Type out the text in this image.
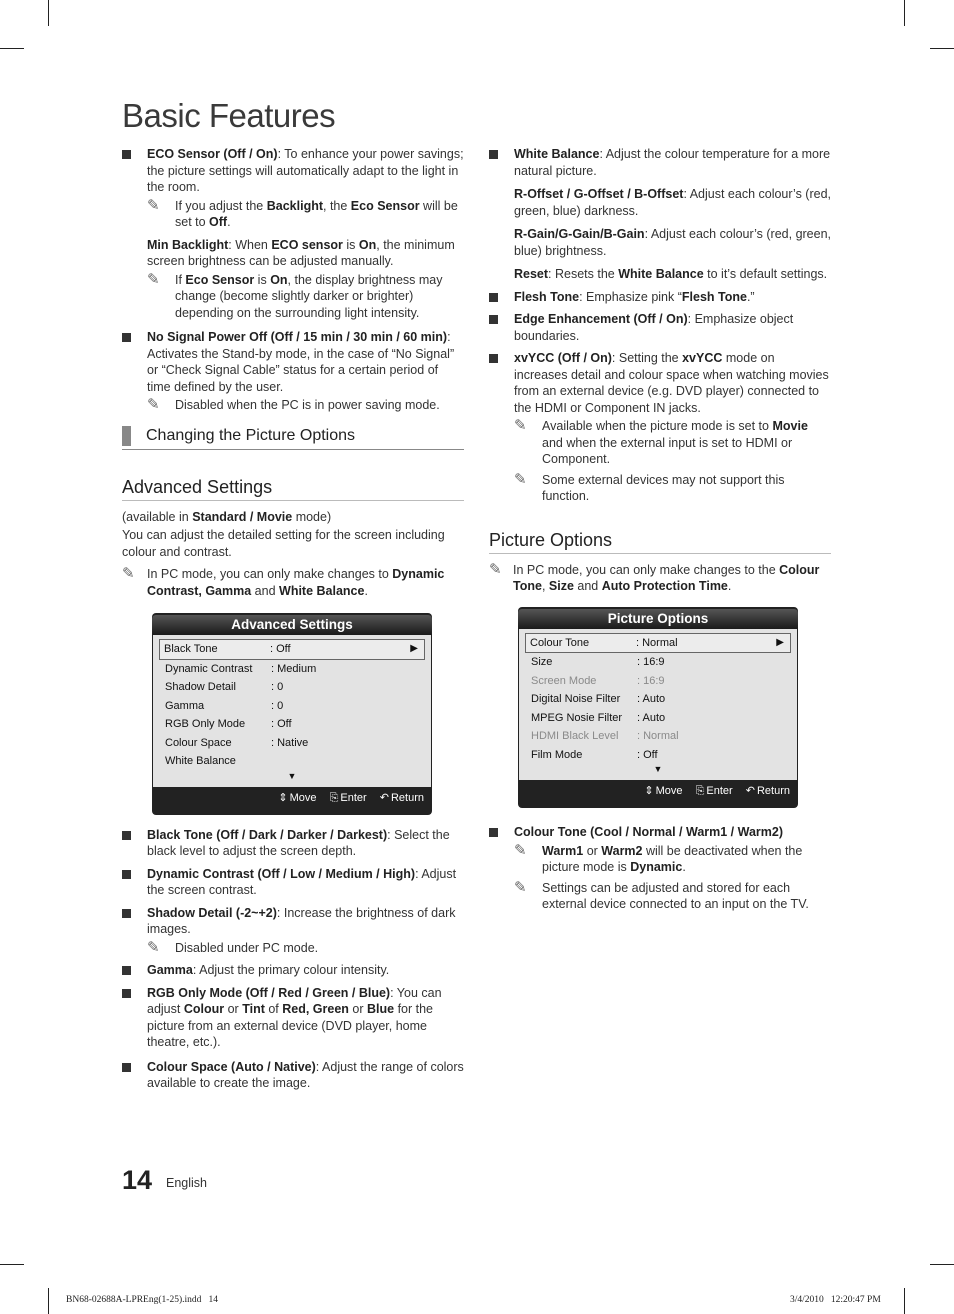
Basic Features
ECO Sensor (Off / On): To enhance your power savings; the picture settings will automatically adapt to the light in the room.
✎ If you adjust the Backlight, the Eco Sensor will be set to Off.
Min Backlight: When ECO sensor is On, the minimum screen brightness can be adjusted manually.
✎ If Eco Sensor is On, the display brightness may change (become slightly darker or brighter) depending on the surrounding light intensity.
No Signal Power Off (Off / 15 min / 30 min / 60 min): Activates the Stand-by mode, in the case of “No Signal” or “Check Signal Cable” status for a certain period of time defined by the user.
✎ Disabled when the PC is in power saving mode.
Changing the Picture Options
Advanced Settings
(available in Standard / Movie mode)
You can adjust the detailed setting for the screen including colour and contrast.
✎ In PC mode, you can only make changes to Dynamic Contrast, Gamma and White Balance.
Advanced Settings
Black Tone	: Off	▶
Dynamic Contrast : Medium
Shadow Detail	: 0
Gamma	: 0
RGB Only Mode : Off
Colour Space	: Native
White Balance
▼
⇕ Move ⎘ Enter ↶ Return
Black Tone (Off / Dark / Darker / Darkest): Select the black level to adjust the screen depth.
Dynamic Contrast (Off / Low / Medium / High): Adjust the screen contrast.
Shadow Detail (-2~+2): Increase the brightness of dark images.
✎ Disabled under PC mode.
Gamma: Adjust the primary colour intensity.
RGB Only Mode (Off / Red / Green / Blue): You can adjust Colour or Tint of Red, Green or Blue for the picture from an external device (DVD player, home theatre, etc.).
Colour Space (Auto / Native): Adjust the range of colors available to create the image.
White Balance: Adjust the colour temperature for a more natural picture.
R-Offset / G-Offset / B-Offset: Adjust each colour’s (red, green, blue) darkness.
R-Gain/G-Gain/B-Gain: Adjust each colour’s (red, green, blue) brightness.
Reset: Resets the White Balance to it’s default settings.
Flesh Tone: Emphasize pink “Flesh Tone.”
Edge Enhancement (Off / On): Emphasize object boundaries.
xvYCC (Off / On): Setting the xvYCC mode on increases detail and colour space when watching movies from an external device (e.g. DVD player) connected to the HDMI or Component IN jacks.
✎ Available when the picture mode is set to Movie and when the external input is set to HDMI or Component.
✎ Some external devices may not support this function.
Picture Options
✎ In PC mode, you can only make changes to the Colour Tone, Size and Auto Protection Time.
Picture Options
Colour Tone	: Normal	▶
Size	: 16:9
Screen Mode	: 16:9
Digital Noise Filter : Auto
MPEG Nosie Filter : Auto
HDMI Black Level : Normal
Film Mode	: Off
▼
⇕ Move ⎘ Enter ↶ Return
Colour Tone (Cool / Normal / Warm1 / Warm2)
✎ Warm1 or Warm2 will be deactivated when the picture mode is Dynamic.
✎ Settings can be adjusted and stored for each external device connected to an input on the TV.
14 English
BN68-02688A-LPREng(1-25).indd   14	3/4/2010   12:20:47 PM
